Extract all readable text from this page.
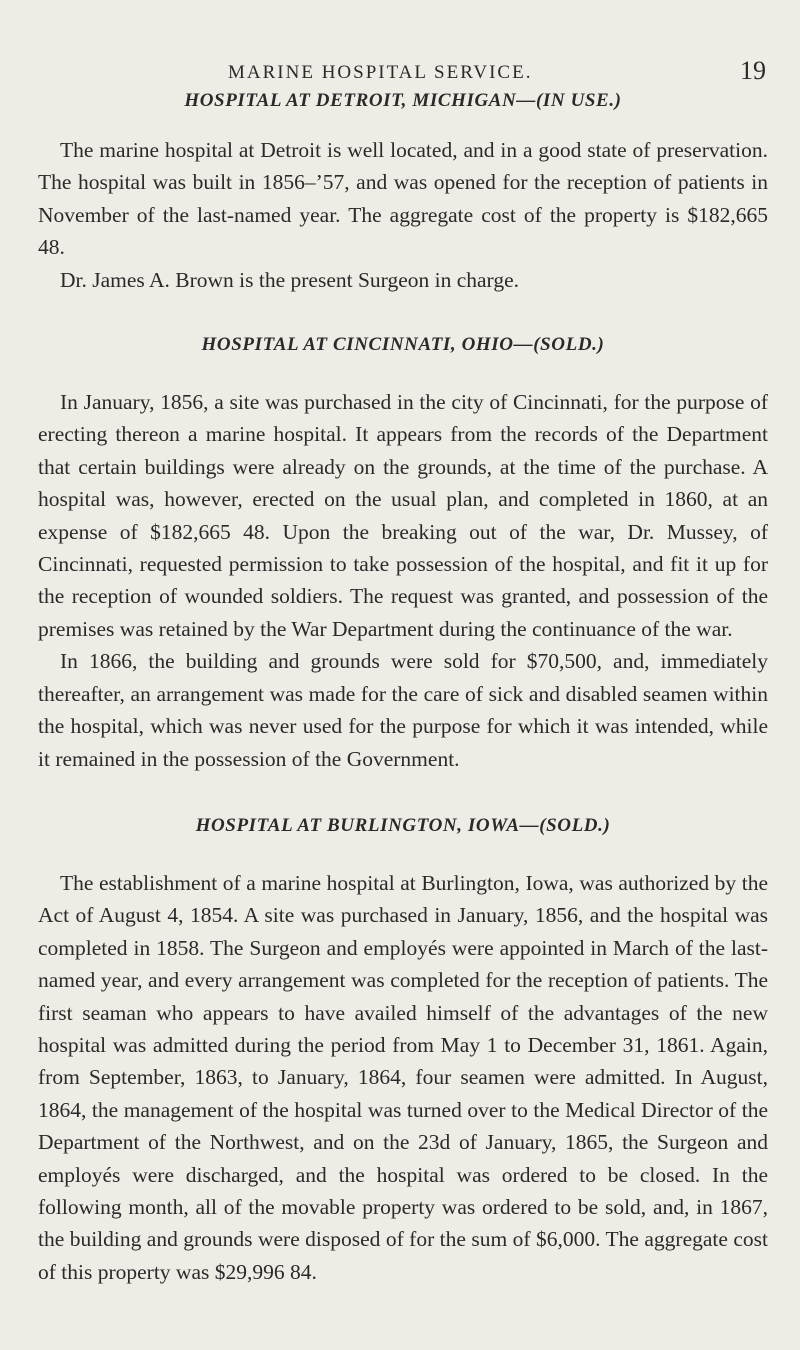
MARINE HOSPITAL SERVICE.	19
HOSPITAL AT DETROIT, MICHIGAN—(IN USE.)

The marine hospital at Detroit is well located, and in a good state of preservation. The hospital was built in 1856–’57, and was opened for the reception of patients in November of the last-named year. The aggregate cost of the property is $182,665 48.

Dr. James A. Brown is the present Surgeon in charge.

HOSPITAL AT CINCINNATI, OHIO—(SOLD.)

In January, 1856, a site was purchased in the city of Cincinnati, for the purpose of erecting thereon a marine hospital. It appears from the records of the Department that certain buildings were already on the grounds, at the time of the purchase. A hospital was, however, erected on the usual plan, and completed in 1860, at an expense of $182,665 48. Upon the breaking out of the war, Dr. Mussey, of Cincinnati, requested permission to take possession of the hospital, and fit it up for the reception of wounded soldiers. The request was granted, and possession of the premises was retained by the War Department during the continuance of the war.

In 1866, the building and grounds were sold for $70,500, and, immediately thereafter, an arrangement was made for the care of sick and disabled seamen within the hospital, which was never used for the purpose for which it was intended, while it remained in the possession of the Government.

HOSPITAL AT BURLINGTON, IOWA—(SOLD.)

The establishment of a marine hospital at Burlington, Iowa, was authorized by the Act of August 4, 1854. A site was purchased in January, 1856, and the hospital was completed in 1858. The Surgeon and employés were appointed in March of the last-named year, and every arrangement was completed for the reception of patients. The first seaman who appears to have availed himself of the advantages of the new hospital was admitted during the period from May 1 to December 31, 1861. Again, from September, 1863, to January, 1864, four seamen were admitted. In August, 1864, the management of the hospital was turned over to the Medical Director of the Department of the Northwest, and on the 23d of January, 1865, the Surgeon and employés were discharged, and the hospital was ordered to be closed. In the following month, all of the movable property was ordered to be sold, and, in 1867, the building and grounds were disposed of for the sum of $6,000. The aggregate cost of this property was $29,996 84.
